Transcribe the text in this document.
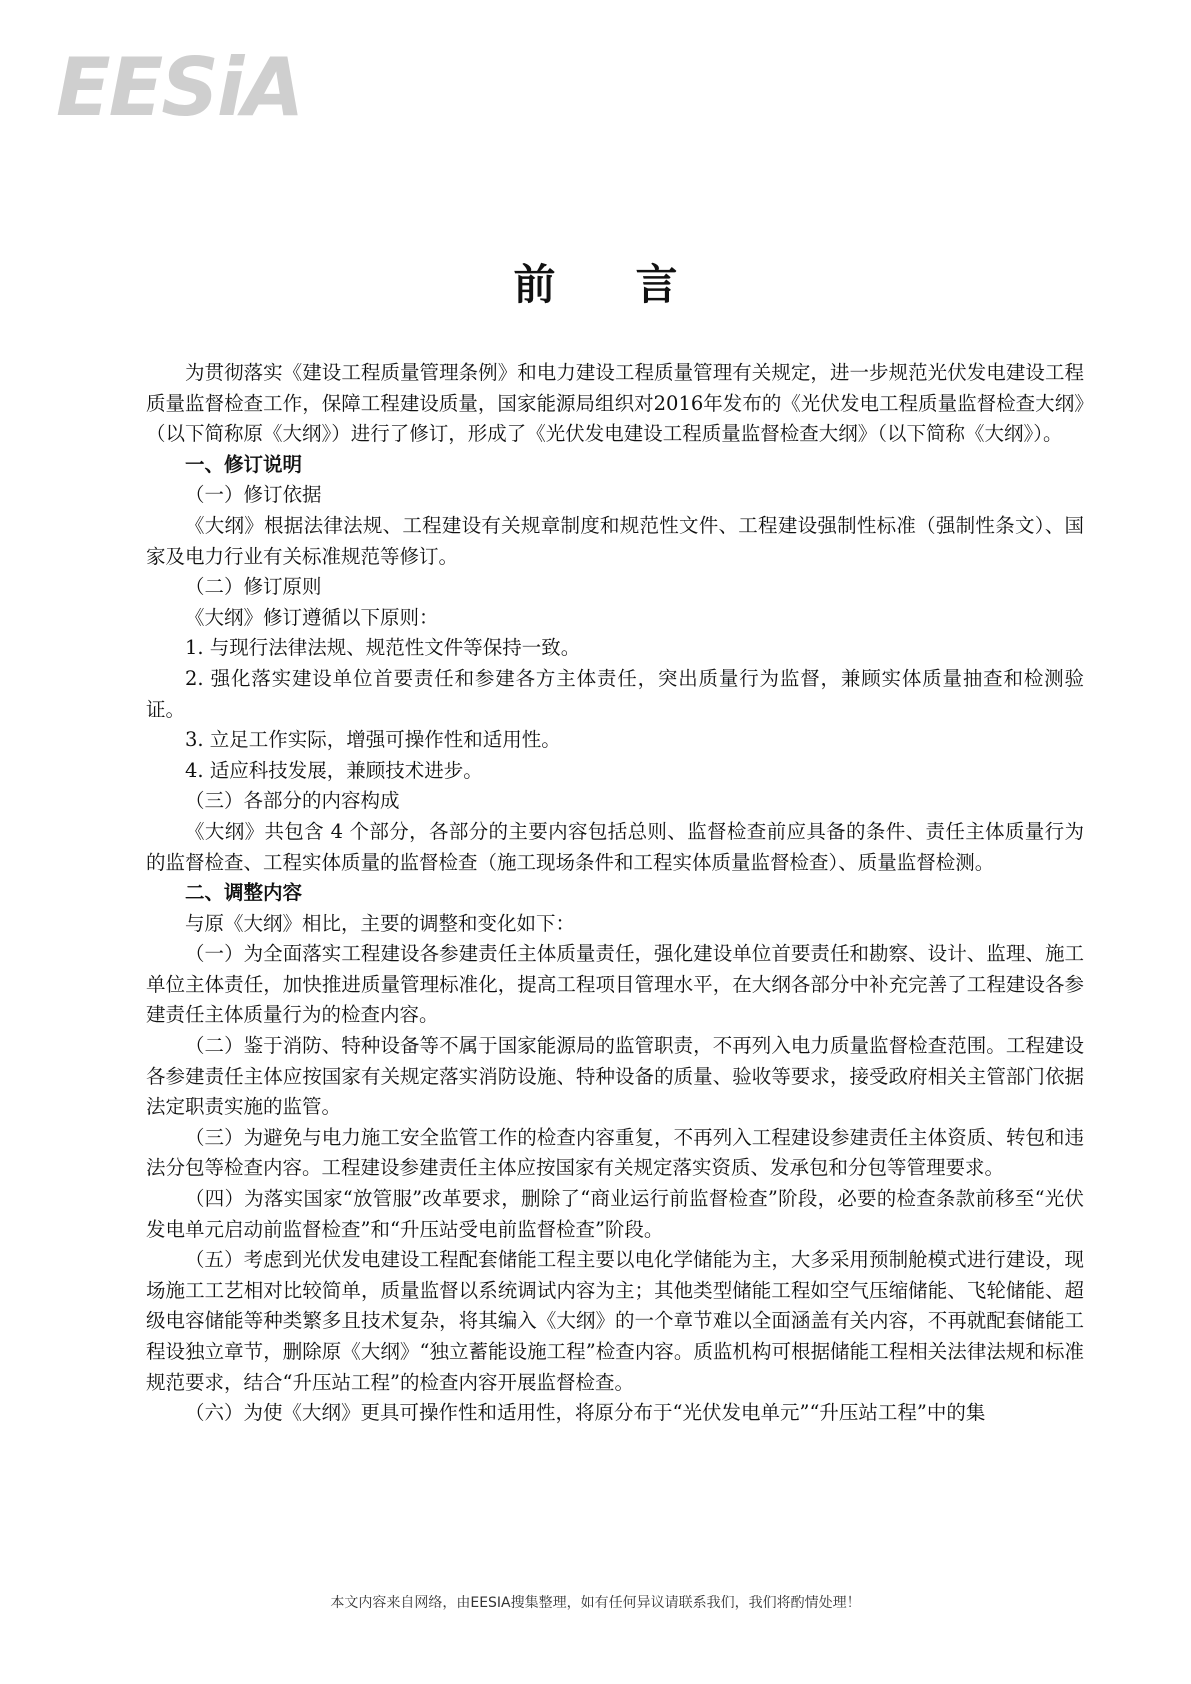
EESiA
前言

为贯彻落实《建设工程质量管理条例》和电力建设工程质量管理有关规定，进一步规范光伏发电建设工程质量监督检查工作，保障工程建设质量，国家能源局组织对2016年发布的《光伏发电工程质量监督检查大纲》（以下简称原《大纲》）进行了修订，形成了《光伏发电建设工程质量监督检查大纲》（以下简称《大纲》）。

一、修订说明

（一）修订依据

《大纲》根据法律法规、工程建设有关规章制度和规范性文件、工程建设强制性标准（强制性条文）、国家及电力行业有关标准规范等修订。

（二）修订原则

《大纲》修订遵循以下原则：

1. 与现行法律法规、规范性文件等保持一致。

2. 强化落实建设单位首要责任和参建各方主体责任，突出质量行为监督，兼顾实体质量抽查和检测验证。

3. 立足工作实际，增强可操作性和适用性。

4. 适应科技发展，兼顾技术进步。

（三）各部分的内容构成

《大纲》共包含 4 个部分，各部分的主要内容包括总则、监督检查前应具备的条件、责任主体质量行为的监督检查、工程实体质量的监督检查（施工现场条件和工程实体质量监督检查）、质量监督检测。

二、调整内容

与原《大纲》相比，主要的调整和变化如下：

（一）为全面落实工程建设各参建责任主体质量责任，强化建设单位首要责任和勘察、设计、监理、施工单位主体责任，加快推进质量管理标准化，提高工程项目管理水平，在大纲各部分中补充完善了工程建设各参建责任主体质量行为的检查内容。

（二）鉴于消防、特种设备等不属于国家能源局的监管职责，不再列入电力质量监督检查范围。工程建设各参建责任主体应按国家有关规定落实消防设施、特种设备的质量、验收等要求，接受政府相关主管部门依据法定职责实施的监管。

（三）为避免与电力施工安全监管工作的检查内容重复，不再列入工程建设参建责任主体资质、转包和违法分包等检查内容。工程建设参建责任主体应按国家有关规定落实资质、发承包和分包等管理要求。

（四）为落实国家“放管服”改革要求，删除了“商业运行前监督检查”阶段，必要的检查条款前移至“光伏发电单元启动前监督检查”和“升压站受电前监督检查”阶段。

（五）考虑到光伏发电建设工程配套储能工程主要以电化学储能为主，大多采用预制舱模式进行建设，现场施工工艺相对比较简单，质量监督以系统调试内容为主；其他类型储能工程如空气压缩储能、飞轮储能、超级电容储能等种类繁多且技术复杂，将其编入《大纲》的一个章节难以全面涵盖有关内容，不再就配套储能工程设独立章节，删除原《大纲》“独立蓄能设施工程”检查内容。质监机构可根据储能工程相关法律法规和标准规范要求，结合“升压站工程”的检查内容开展监督检查。

（六）为使《大纲》更具可操作性和适用性，将原分布于“光伏发电单元”“升压站工程”中的集

本文内容来自网络，由EESIA搜集整理，如有任何异议请联系我们，我们将酌情处理！
